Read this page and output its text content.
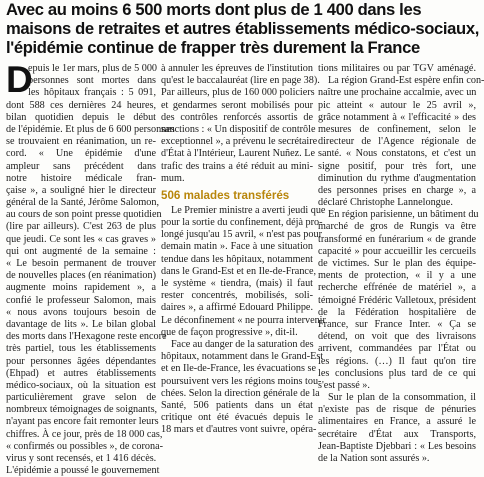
Avec au moins 6 500 morts dont plus de 1 400 dans les
maisons de retraites et autres établissements médico-sociaux,
l'épidémie continue de frapper très durement la France
D
epuis le 1er mars, plus de 5 000
personnes sont mortes dans
les hôpitaux français : 5 091,
dont 588 ces dernières 24 heures,
bilan quotidien depuis le début
de l'épidémie. Et plus de 6 600 personnes
se trouvaient en réanimation, un re-
cord. « Une épidémie d'une
ampleur sans précédent dans
notre histoire médicale fran-
çaise », a souligné hier le directeur
général de la Santé, Jérôme Salomon,
au cours de son point presse quotidien
(lire par ailleurs). C'est 263 de plus
que jeudi. Ce sont les « cas graves »
qui ont augmenté de la semaine :
« Le besoin permanent de trouver
de nouvelles places (en réanimation)
augmente moins rapidement », a
confié le professeur Salomon, mais
« nous avons toujours besoin de
davantage de lits ». Le bilan global
des morts dans l'Hexagone reste encore
très partiel, tous les établissements
pour personnes âgées dépendantes
(Ehpad) et autres établissements
médico-sociaux, où la situation est
particulièrement grave selon de
nombreux témoignages de soignants,
n'ayant pas encore fait remonter leurs
chiffres. À ce jour, près de 18 000 cas,
« confirmés ou possibles », de corona-
virus y sont recensés, et 1 416 décès.
L'épidémie a poussé le gouvernement
à annuler les épreuves de l'institution
qu'est le baccalauréat (lire en page 38).
Par ailleurs, plus de 160 000 policiers
et gendarmes seront mobilisés pour
des contrôles renforcés assortis de
sanctions : « Un dispositif de contrôle
exceptionnel », a prévenu le secrétaire
d'État à l'Intérieur, Laurent Nuñez. Le
trafic des trains a été réduit au mini-
mum.
506 malades transférés
Le Premier ministre a averti jeudi que
pour la sortie du confinement, déjà pro-
longé jusqu'au 15 avril, « n'est pas pour
demain matin ». Face à une situation
tendue dans les hôpitaux, notamment
dans le Grand-Est et en Ile-de-France,
le système « tiendra, (mais) il faut
rester concentrés, mobilisés, soli-
daires », a affirmé Edouard Philippe.
Le déconfinement « ne pourra intervenir
que de façon progressive », dit-il.
Face au danger de la saturation des
hôpitaux, notamment dans le Grand-Est
et en Ile-de-France, les évacuations se
poursuivent vers les régions moins tou-
chées. Selon la direction générale de la
Santé, 506 patients dans un état
critique ont été évacués depuis le
18 mars et d'autres vont suivre, opéra-
tions militaires ou par TGV aménagé.
La région Grand-Est espère enfin con-
naître une prochaine accalmie, avec un
pic atteint « autour le 25 avril »,
grâce notamment à « l'efficacité » des
mesures de confinement, selon le
directeur de l'Agence régionale de
santé. « Nous constatons, et c'est un
signe positif, pour très fort, une
diminution du rythme d'augmentation
des personnes prises en charge », a
déclaré Christophe Lannelongue.
En région parisienne, un bâtiment du
marché de gros de Rungis va être
transformé en funérarium « de grande
capacité » pour accueillir les cercueils
de victimes. Sur le plan des équipe-
ments de protection, « il y a une
recherche effrénée de matériel », a
témoigné Frédéric Valletoux, président
de la Fédération hospitalière de
France, sur France Inter. « Ça se
détend, on voit que des livraisons
arrivent, commandées par l'État ou
les régions. (…) Il faut qu'on tire
les conclusions plus tard de ce qui
s'est passé ».
Sur le plan de la consommation, il
n'existe pas de risque de pénuries
alimentaires en France, a assuré le
secrétaire d'État aux Transports,
Jean-Baptiste Djebbari : « Les besoins
de la Nation sont assurés ».
